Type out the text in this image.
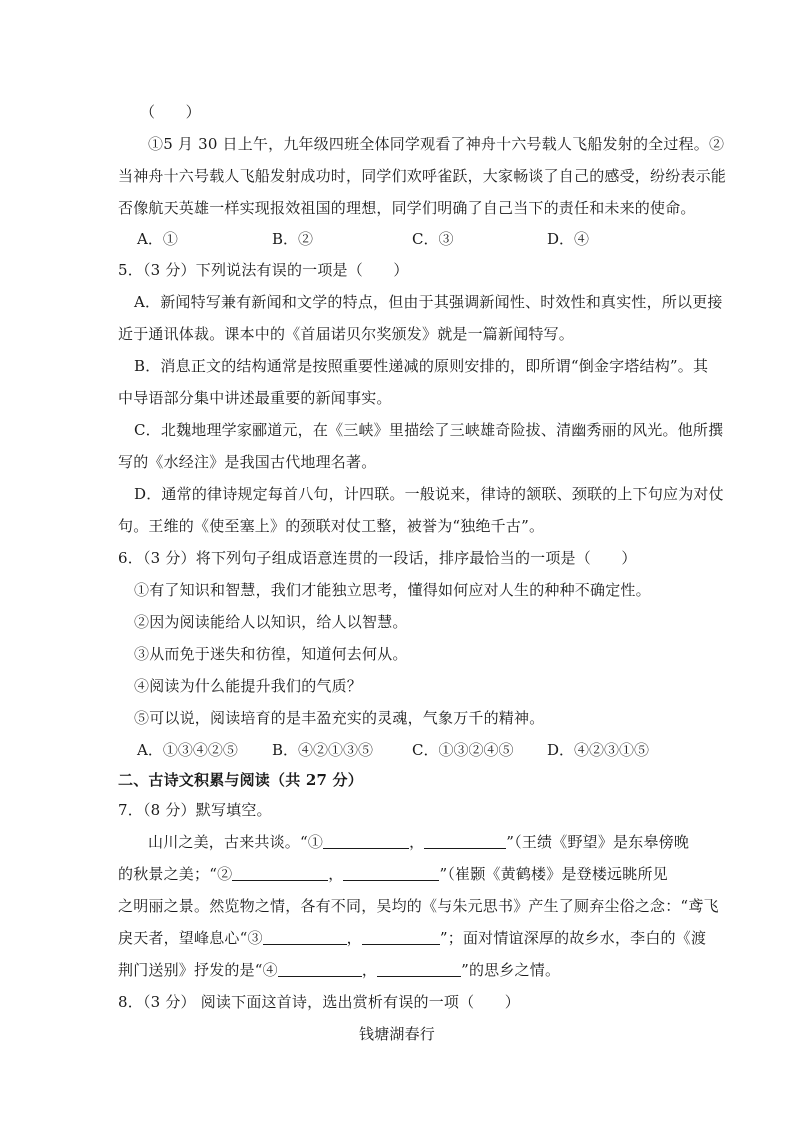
（　　）
①5 月 30 日上午，九年级四班全体同学观看了神舟十六号载人飞船发射的全过程。②
当神舟十六号载人飞船发射成功时，同学们欢呼雀跃，大家畅谈了自己的感受，纷纷表示能
否像航天英雄一样实现报效祖国的理想，同学们明确了自己当下的责任和未来的使命。
A．①	B．②	C．③	D．④
5．（3 分）下列说法有误的一项是（　　）
A．新闻特写兼有新闻和文学的特点，但由于其强调新闻性、时效性和真实性，所以更接
近于通讯体裁。课本中的《首届诺贝尔奖颁发》就是一篇新闻特写。
B．消息正文的结构通常是按照重要性递减的原则安排的，即所谓“倒金字塔结构”。其
中导语部分集中讲述最重要的新闻事实。
C．北魏地理学家郦道元，在《三峡》里描绘了三峡雄奇险拔、清幽秀丽的风光。他所撰
写的《水经注》是我国古代地理名著。
D．通常的律诗规定每首八句，计四联。一般说来，律诗的颔联、颈联的上下句应为对仗
句。王维的《使至塞上》的颈联对仗工整，被誉为“独绝千古”。
6．（3 分）将下列句子组成语意连贯的一段话，排序最恰当的一项是（　　）
①有了知识和智慧，我们才能独立思考，懂得如何应对人生的种种不确定性。
②因为阅读能给人以知识，给人以智慧。
③从而免于迷失和彷徨，知道何去何从。
④阅读为什么能提升我们的气质？
⑤可以说，阅读培育的是丰盈充实的灵魂，气象万千的精神。
A．①③④②⑤ B．④②①③⑤	C．①③②④⑤ D．④②③①⑤
二、古诗文积累与阅读（共 27 分）
7．（8 分）默写填空。
山川之美，古来共谈。“①	，	”（王绩《野望》是东皋傍晚
的秋景之美；“②	，	”（崔颢《黄鹤楼》是登楼远眺所见
之明丽之景。然览物之情，各有不同，吴均的《与朱元思书》产生了厕弃尘俗之念：“鸢飞
戾天者，望峰息心“③	，	”；面对情谊深厚的故乡水，李白的《渡
荆门送别》抒发的是“④	，	”的思乡之情。
8．（3 分） 阅读下面这首诗，选出赏析有误的一项（　　）
钱塘湖春行
